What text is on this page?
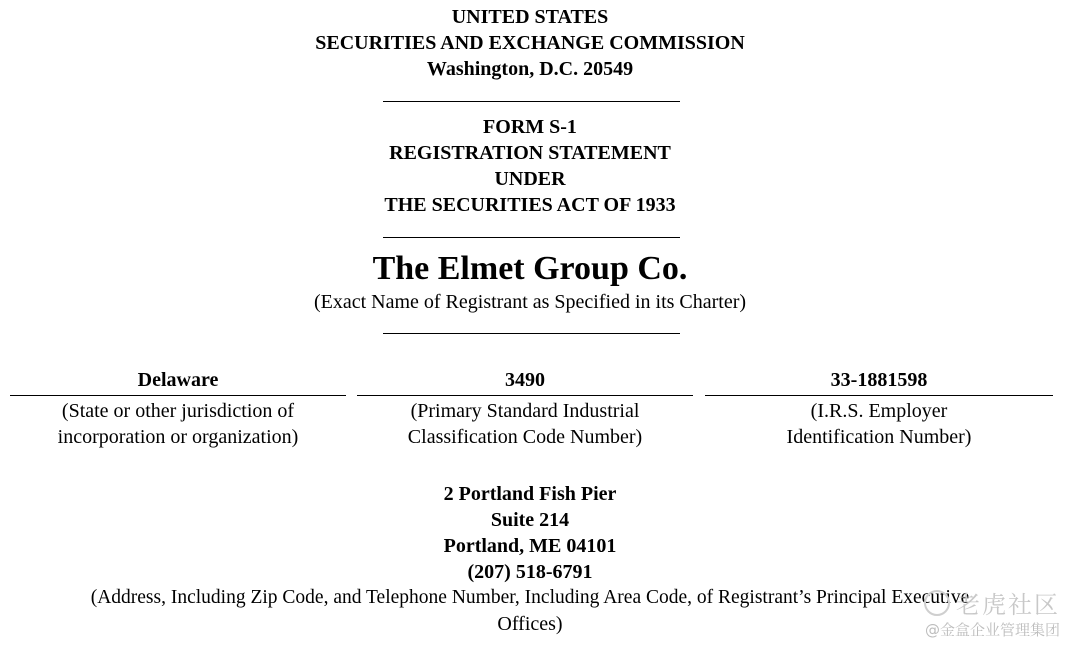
UNITED STATES
SECURITIES AND EXCHANGE COMMISSION
Washington, D.C. 20549
FORM S-1
REGISTRATION STATEMENT
UNDER
THE SECURITIES ACT OF 1933
The Elmet Group Co.
(Exact Name of Registrant as Specified in its Charter)
Delaware
(State or other jurisdiction of
incorporation or organization)
3490
(Primary Standard Industrial
Classification Code Number)
33-1881598
(I.R.S. Employer
Identification Number)
2 Portland Fish Pier
Suite 214
Portland, ME 04101
(207) 518-6791
(Address, Including Zip Code, and Telephone Number, Including Area Code, of Registrant’s Principal Executive
Offices)
老虎社区
@金盒企业管理集团
